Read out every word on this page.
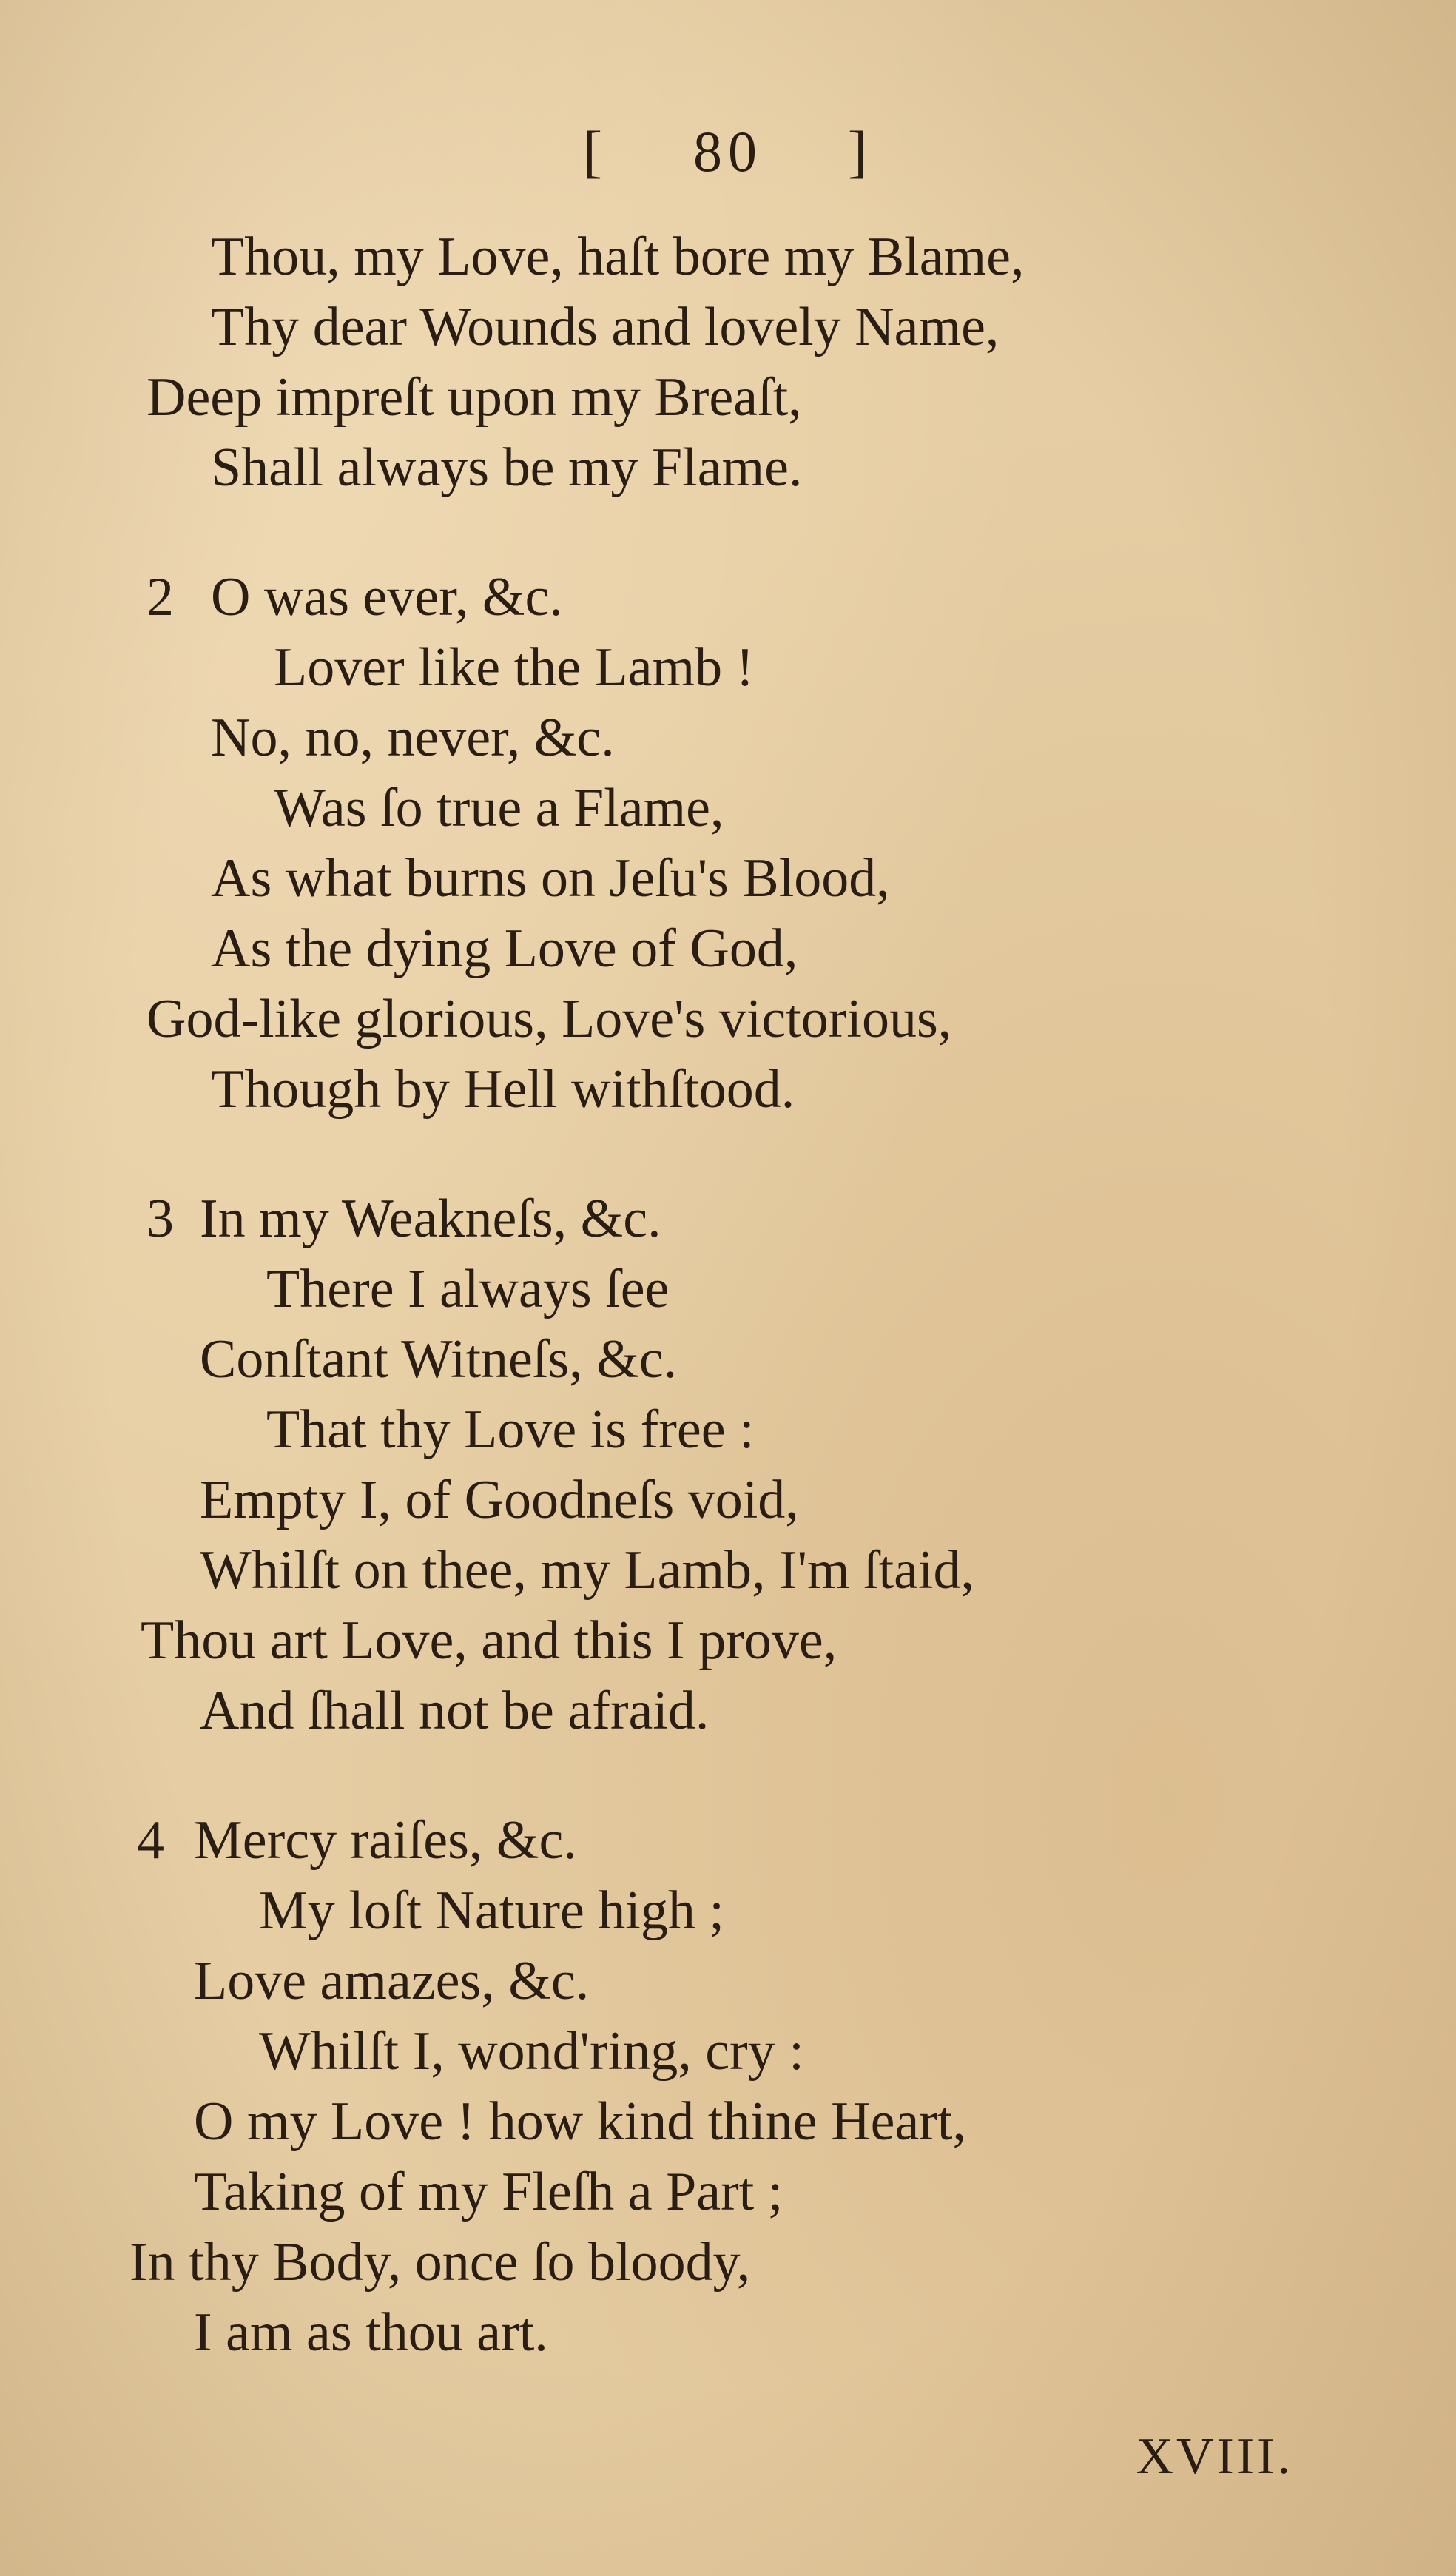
[ 80 ]
Thou, my Love, haſt bore my Blame,
Thy dear Wounds and lovely Name,
Deep impreſt upon my Breaſt,
Shall always be my Flame.
2 O was ever, &c.
Lover like the Lamb !
No, no, never, &c.
Was ſo true a Flame,
As what burns on Jeſu's Blood,
As the dying Love of God,
God-like glorious, Love's victorious,
Though by Hell withſtood.
3 In my Weakneſs, &c.
There I always ſee
Conſtant Witneſs, &c.
That thy Love is free :
Empty I, of Goodneſs void,
Whilſt on thee, my Lamb, I'm ſtaid,
Thou art Love, and this I prove,
And ſhall not be afraid.
4 Mercy raiſes, &c.
My loſt Nature high ;
Love amazes, &c.
Whilſt I, wond'ring, cry :
O my Love ! how kind thine Heart,
Taking of my Fleſh a Part ;
In thy Body, once ſo bloody,
I am as thou art.
XVIII.
